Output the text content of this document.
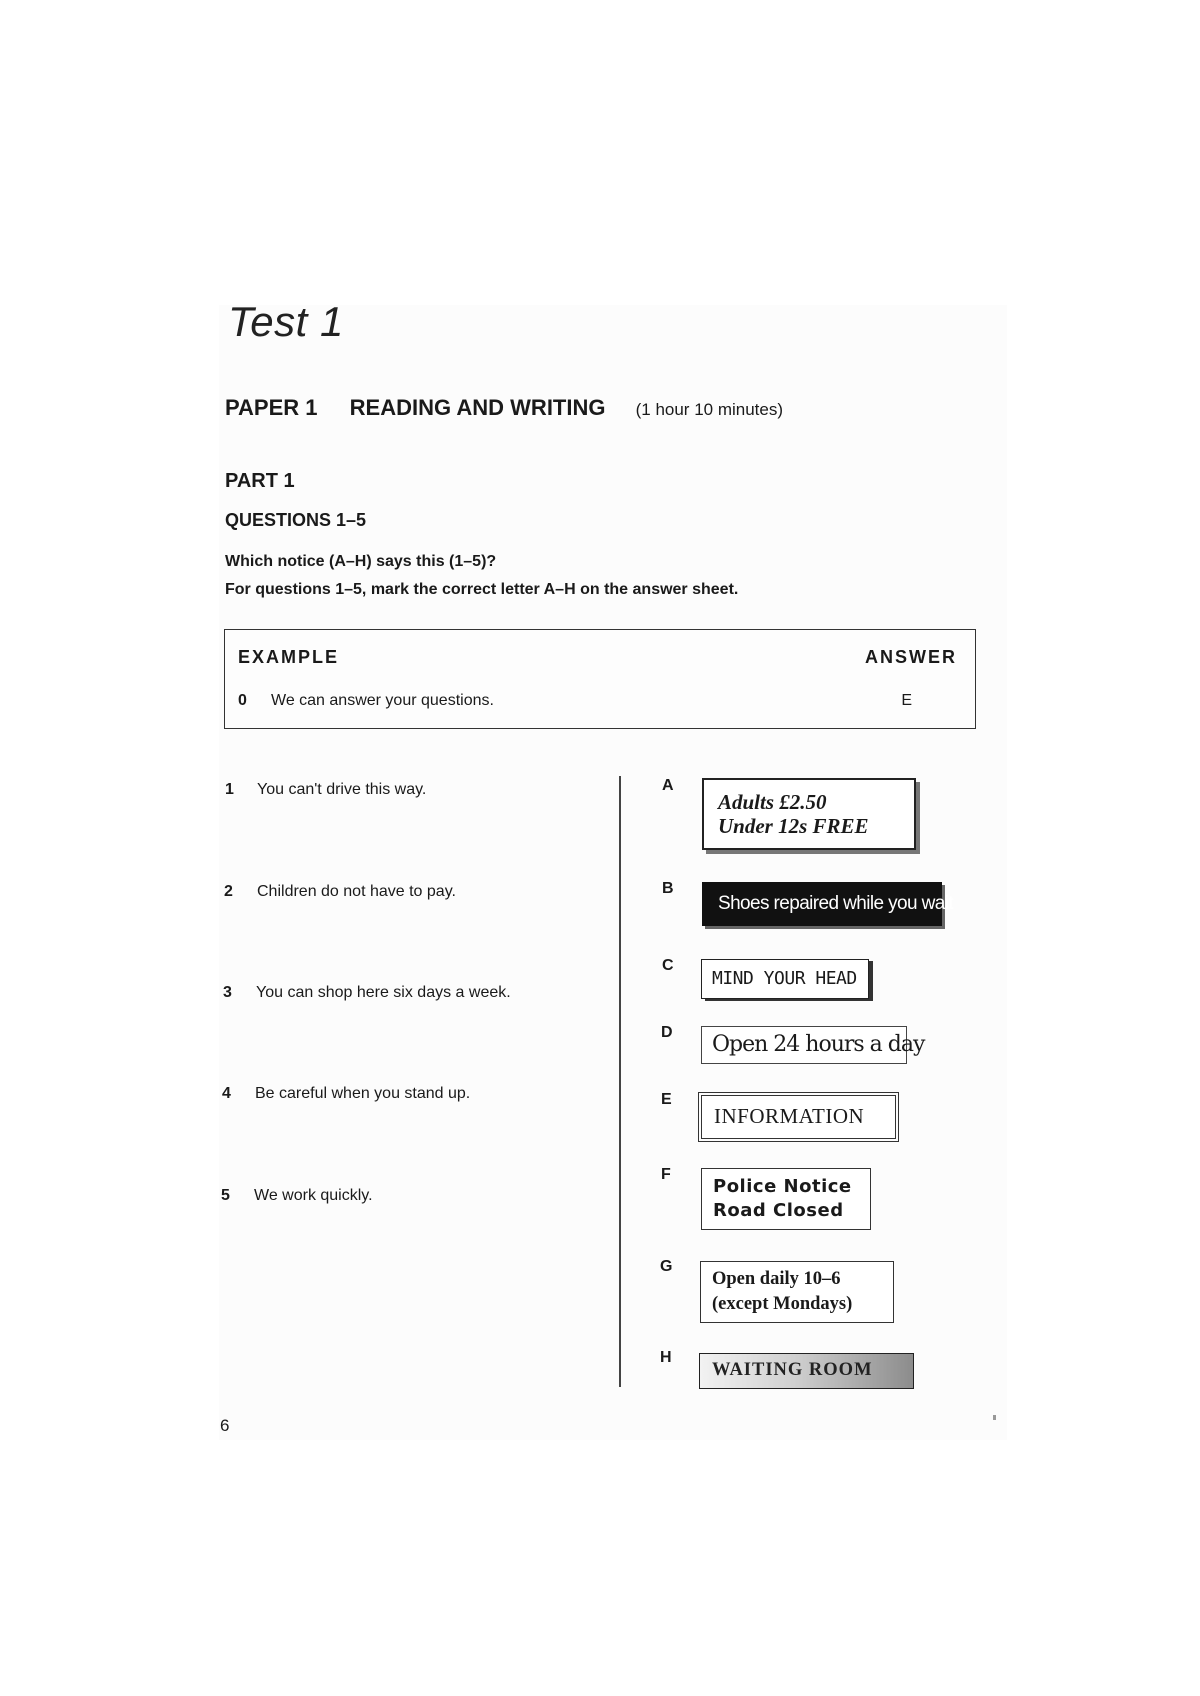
Test 1
PAPER 1 READING AND WRITING (1 hour 10 minutes)
PART 1
QUESTIONS 1–5
Which notice (A–H) says this (1–5)?
For questions 1–5, mark the correct letter A–H on the answer sheet.
EXAMPLE	ANSWER
0 We can answer your questions.	E
1 You can't drive this way.
2 Children do not have to pay.
3 You can shop here six days a week.
4 Be careful when you stand up.
5 We work quickly.
A
B
C
D
E
F
G
H
Adults £2.50
Under 12s FREE
Shoes repaired while you wait
MIND YOUR HEAD
Open 24 hours a day
INFORMATION
Police Notice
Road Closed
Open daily 10–6
(except Mondays)
WAITING ROOM
6
